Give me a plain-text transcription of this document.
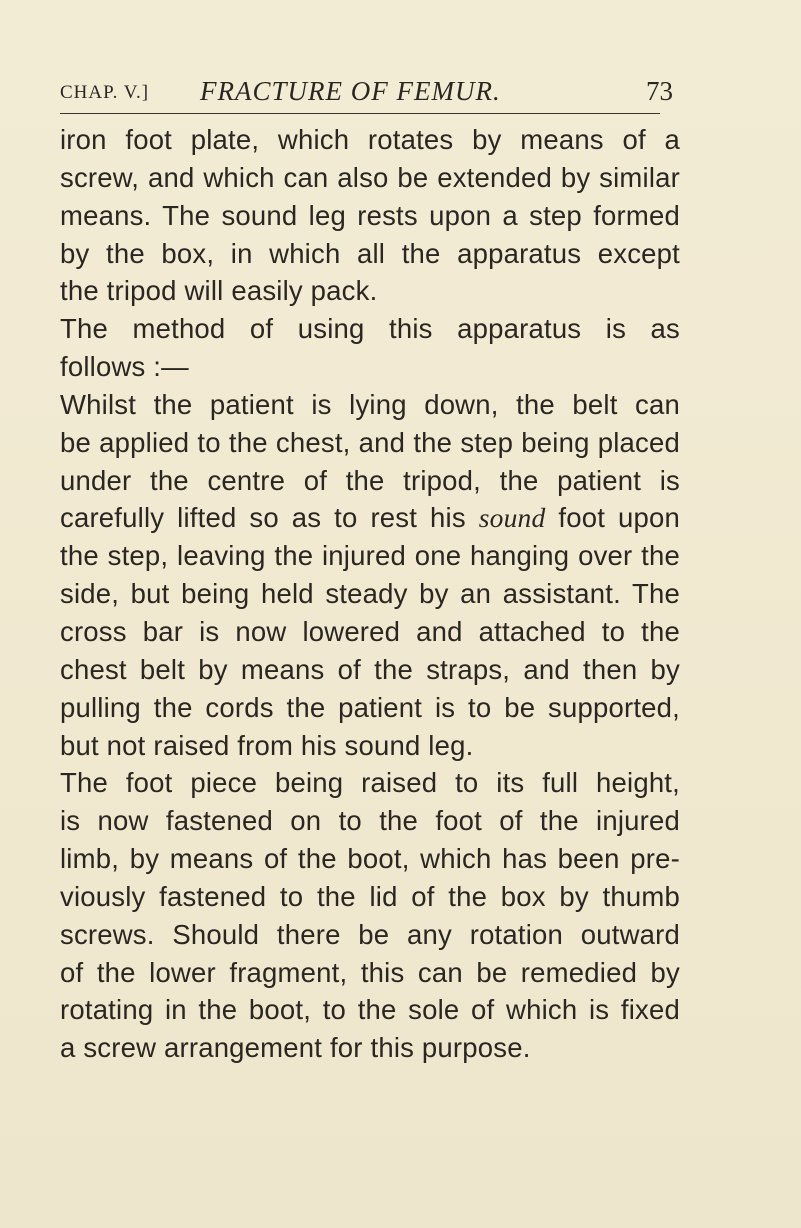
CHAP. V.] FRACTURE OF FEMUR.	73
iron foot plate, which rotates by means of a
screw, and which can also be extended by similar
means. The sound leg rests upon a step formed
by the box, in which all the apparatus except
the tripod will easily pack.
The method of using this apparatus is as
follows :—
Whilst the patient is lying down, the belt can
be applied to the chest, and the step being placed
under the centre of the tripod, the patient is
carefully lifted so as to rest his sound foot upon
the step, leaving the injured one hanging over the
side, but being held steady by an assistant. The
cross bar is now lowered and attached to the
chest belt by means of the straps, and then by
pulling the cords the patient is to be supported,
but not raised from his sound leg.
The foot piece being raised to its full height,
is now fastened on to the foot of the injured
limb, by means of the boot, which has been pre-
viously fastened to the lid of the box by thumb
screws. Should there be any rotation outward
of the lower fragment, this can be remedied by
rotating in the boot, to the sole of which is fixed
a screw arrangement for this purpose.
